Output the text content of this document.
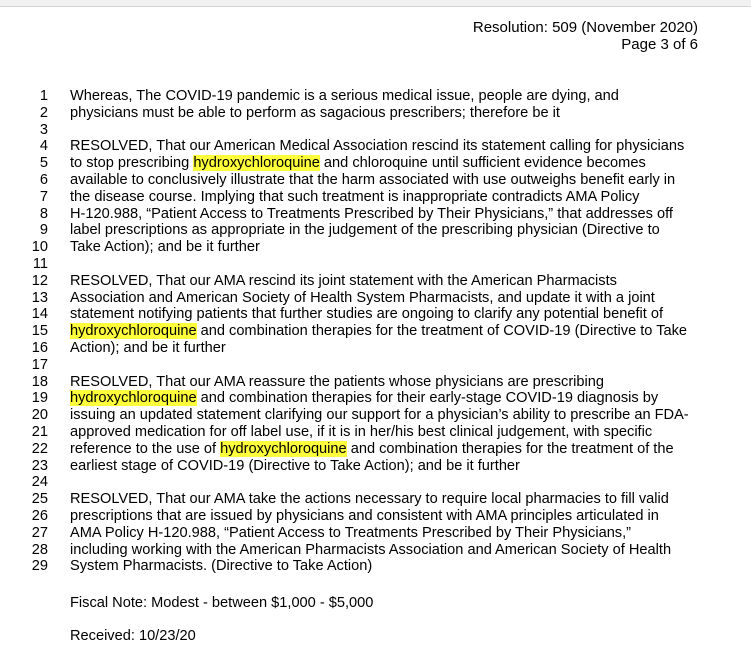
Resolution: 509 (November 2020)
Page 3 of 6
1	Whereas, The COVID-19 pandemic is a serious medical issue, people are dying, and
2	physicians must be able to perform as sagacious prescribers; therefore be it
3
4	RESOLVED, That our American Medical Association rescind its statement calling for physicians
5	to stop prescribing hydroxychloroquine and chloroquine until sufficient evidence becomes
6	available to conclusively illustrate that the harm associated with use outweighs benefit early in
7	the disease course. Implying that such treatment is inappropriate contradicts AMA Policy
8	H-120.988, “Patient Access to Treatments Prescribed by Their Physicians,” that addresses off
9	label prescriptions as appropriate in the judgement of the prescribing physician (Directive to
10	Take Action); and be it further
11
12	RESOLVED, That our AMA rescind its joint statement with the American Pharmacists
13	Association and American Society of Health System Pharmacists, and update it with a joint
14	statement notifying patients that further studies are ongoing to clarify any potential benefit of
15	hydroxychloroquine and combination therapies for the treatment of COVID-19 (Directive to Take
16	Action); and be it further
17
18	RESOLVED, That our AMA reassure the patients whose physicians are prescribing
19	hydroxychloroquine and combination therapies for their early-stage COVID-19 diagnosis by
20	issuing an updated statement clarifying our support for a physician’s ability to prescribe an FDA-
21	approved medication for off label use, if it is in her/his best clinical judgement, with specific
22	reference to the use of hydroxychloroquine and combination therapies for the treatment of the
23	earliest stage of COVID-19 (Directive to Take Action); and be it further
24
25	RESOLVED, That our AMA take the actions necessary to require local pharmacies to fill valid
26	prescriptions that are issued by physicians and consistent with AMA principles articulated in
27	AMA Policy H-120.988, “Patient Access to Treatments Prescribed by Their Physicians,”
28	including working with the American Pharmacists Association and American Society of Health
29	System Pharmacists. (Directive to Take Action)
Fiscal Note: Modest - between $1,000 - $5,000
Received: 10/23/20
